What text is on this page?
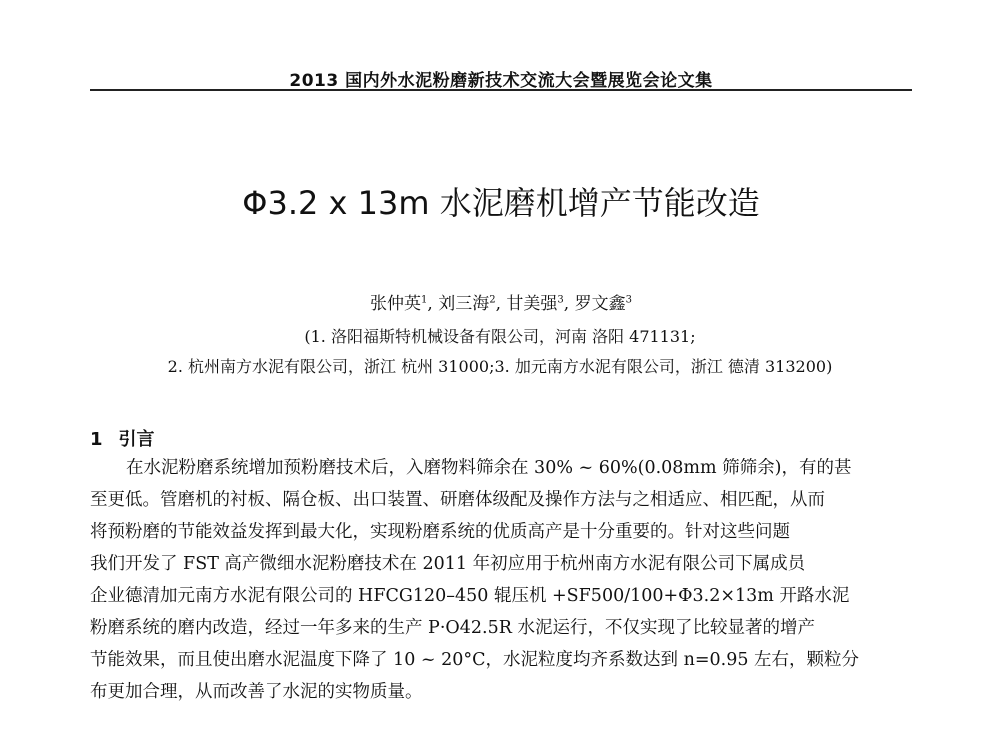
2013 国内外水泥粉磨新技术交流大会暨展览会论文集
Φ3.2 x 13m 水泥磨机增产节能改造
张仲英$^1$, 刘三海$^2$, 甘美强$^3$, 罗文鑫$^3$
(1. 洛阳福斯特机械设备有限公司，河南 洛阳 471131;
2. 杭州南方水泥有限公司，浙江 杭州 31000;3. 加元南方水泥有限公司，浙江 德清 313200)
1 引言
在水泥粉磨系统增加预粉磨技术后，入磨物料筛余在 30% ~ 60%(0.08mm 筛筛余)，有的甚
至更低。管磨机的衬板、隔仓板、出口装置、研磨体级配及操作方法与之相适应、相匹配，从而
将预粉磨的节能效益发挥到最大化，实现粉磨系统的优质高产是十分重要的。针对这些问题
我们开发了 FST 高产微细水泥粉磨技术在 2011 年初应用于杭州南方水泥有限公司下属成员
企业德清加元南方水泥有限公司的 HFCG120–450 辊压机 +SF500/100+Φ3.2×13m 开路水泥
粉磨系统的磨内改造，经过一年多来的生产 P·O42.5R 水泥运行，不仅实现了比较显著的增产
节能效果，而且使出磨水泥温度下降了 10 ~ 20°C，水泥粒度均齐系数达到 n=0.95 左右，颗粒分
布更加合理，从而改善了水泥的实物质量。
